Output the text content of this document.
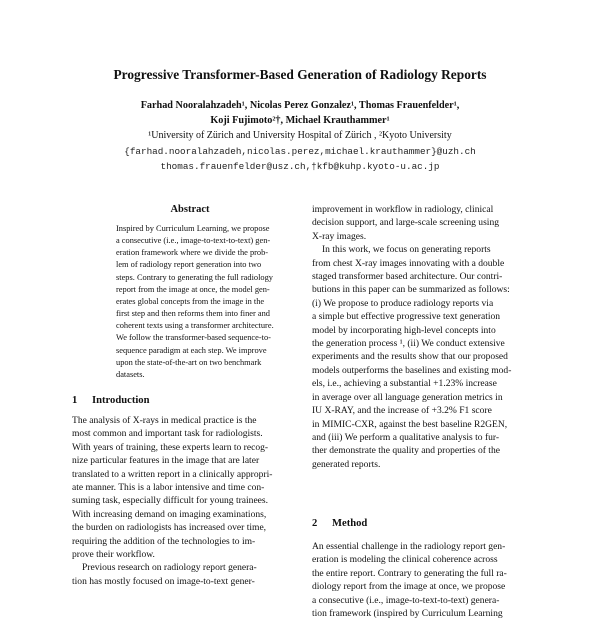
Progressive Transformer-Based Generation of Radiology Reports
Farhad Nooralahzadeh¹, Nicolas Perez Gonzalez¹, Thomas Frauenfelder¹,
Koji Fujimoto²†, Michael Krauthammer¹
¹University of Zürich and University Hospital of Zürich , ²Kyoto University
{farhad.nooralahzadeh,nicolas.perez,michael.krauthammer}@uzh.ch
thomas.frauenfelder@usz.ch,†kfb@kuhp.kyoto-u.ac.jp
Abstract
Inspired by Curriculum Learning, we propose
a consecutive (i.e., image-to-text-to-text) gen-
eration framework where we divide the prob-
lem of radiology report generation into two
steps. Contrary to generating the full radiology
report from the image at once, the model gen-
erates global concepts from the image in the
first step and then reforms them into finer and
coherent texts using a transformer architecture.
We follow the transformer-based sequence-to-
sequence paradigm at each step. We improve
upon the state-of-the-art on two benchmark
datasets.
1 Introduction
The analysis of X-rays in medical practice is the
most common and important task for radiologists.
With years of training, these experts learn to recog-
nize particular features in the image that are later
translated to a written report in a clinically appropri-
ate manner. This is a labor intensive and time con-
suming task, especially difficult for young trainees.
With increasing demand on imaging examinations,
the burden on radiologists has increased over time,
requiring the addition of the technologies to im-
prove their workflow.
Previous research on radiology report genera-
tion has mostly focused on image-to-text gener-
improvement in workflow in radiology, clinical
decision support, and large-scale screening using
X-ray images.
In this work, we focus on generating reports
from chest X-ray images innovating with a double
staged transformer based architecture. Our contri-
butions in this paper can be summarized as follows:
(i) We propose to produce radiology reports via
a simple but effective progressive text generation
model by incorporating high-level concepts into
the generation process ¹, (ii) We conduct extensive
experiments and the results show that our proposed
models outperforms the baselines and existing mod-
els, i.e., achieving a substantial +1.23% increase
in average over all language generation metrics in
IU X-RAY, and the increase of +3.2% F1 score
in MIMIC-CXR, against the best baseline R2GEN,
and (iii) We perform a qualitative analysis to fur-
ther demonstrate the quality and properties of the
generated reports.
2 Method
An essential challenge in the radiology report gen-
eration is modeling the clinical coherence across
the entire report. Contrary to generating the full ra-
diology report from the image at once, we propose
a consecutive (i.e., image-to-text-to-text) genera-
tion framework (inspired by Curriculum Learning
